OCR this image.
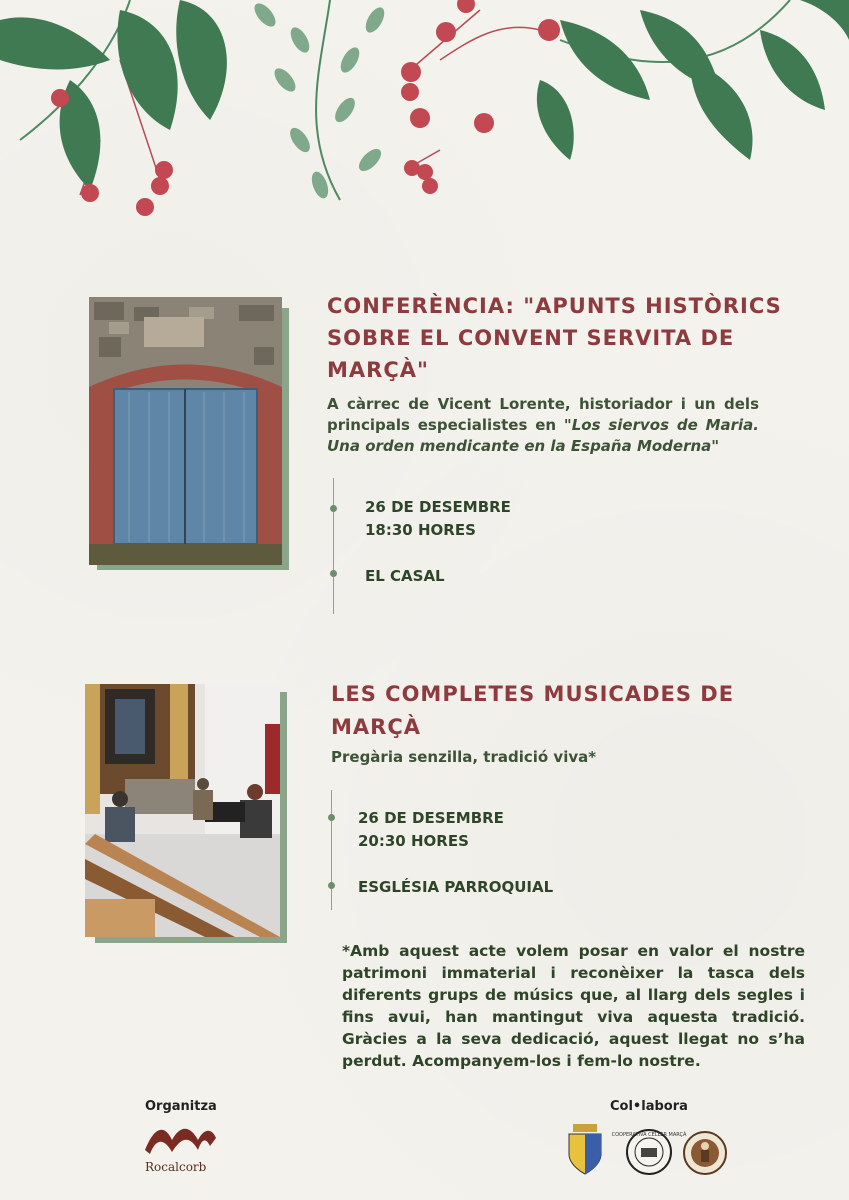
CONFERÈNCIA: "APUNTS HISTÒRICS
SOBRE EL CONVENT SERVITA DE
MARÇÀ"

A càrrec de Vicent Lorente, historiador i un dels principals especialistes en "Los siervos de Maria. Una orden mendicante en la España Moderna"

26 DE DESEMBRE
18:30 HORES

EL CASAL

LES COMPLETES MUSICADES DE
MARÇÀ

Pregària senzilla, tradició viva*

26 DE DESEMBRE
20:30 HORES

ESGLÉSIA PARROQUIAL

*Amb aquest acte volem posar en valor el nostre patrimoni immaterial i reconèixer la tasca dels diferents grups de músics que, al llarg dels segles i fins avui, han mantingut viva aquesta tradició. Gràcies a la seva dedicació, aquest llegat no s’ha perdut. Acompanyem-los i fem-lo nostre.

Organitza

Rocalcorb

Col•labora

COOPERATIVA CELLER MARÇÀ
